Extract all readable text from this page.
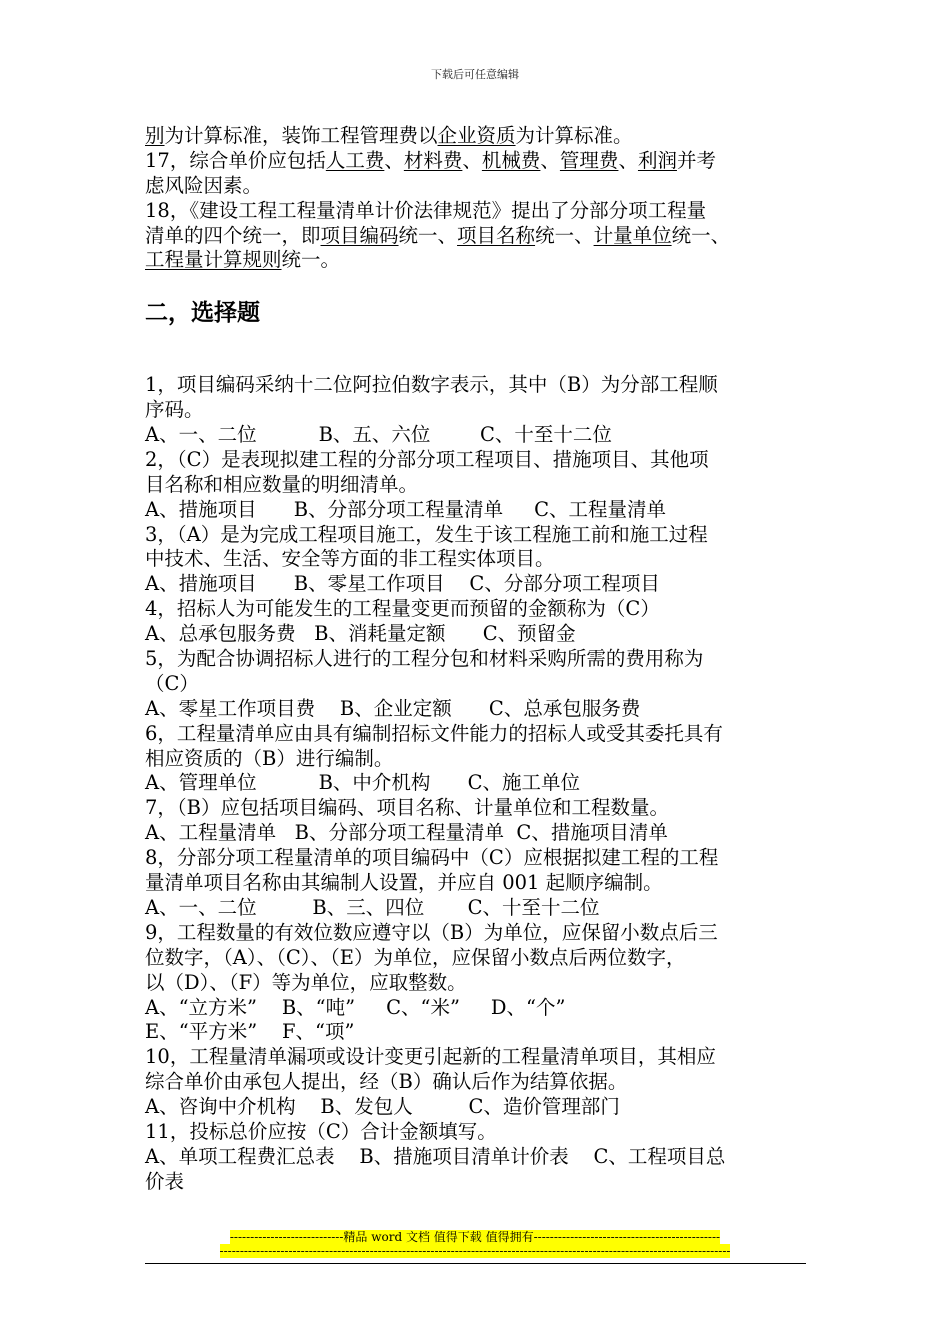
下载后可任意编辑
别为计算标准，装饰工程管理费以企业资质为计算标准。
17，综合单价应包括人工费、材料费、机械费、管理费、利润并考
虑风险因素。
18，《建设工程工程量清单计价法律规范》提出了分部分项工程量
清单的四个统一，即项目编码统一、项目名称统一、计量单位统一、
工程量计算规则统一。
二，选择题
1，项目编码采纳十二位阿拉伯数字表示，其中（B）为分部工程顺
序码。
A、一、二位          B、五、六位        C、十至十二位
2，（C）是表现拟建工程的分部分项工程项目、措施项目、其他项
目名称和相应数量的明细清单。
A、措施项目      B、分部分项工程量清单     C、工程量清单
3，（A）是为完成工程项目施工，发生于该工程施工前和施工过程
中技术、生活、安全等方面的非工程实体项目。
A、措施项目      B、零星工作项目    C、分部分项工程项目
4，招标人为可能发生的工程量变更而预留的金额称为（C）
A、总承包服务费   B、消耗量定额      C、预留金
5，为配合协调招标人进行的工程分包和材料采购所需的费用称为
（C）
A、零星工作项目费    B、企业定额      C、总承包服务费
6，工程量清单应由具有编制招标文件能力的招标人或受其委托具有
相应资质的（B）进行编制。
A、管理单位          B、中介机构      C、施工单位
7，（B）应包括项目编码、项目名称、计量单位和工程数量。
A、工程量清单   B、分部分项工程量清单  C、措施项目清单
8，分部分项工程量清单的项目编码中（C）应根据拟建工程的工程
量清单项目名称由其编制人设置，并应自 001 起顺序编制。
A、一、二位         B、三、四位       C、十至十二位
9，工程数量的有效位数应遵守以（B）为单位，应保留小数点后三
位数字，（A）、（C）、（E）为单位，应保留小数点后两位数字，
以（D）、（F）等为单位，应取整数。
A、“立方米”    B、“吨”     C、“米”     D、“个”
E、“平方米”    F、“项”
10，工程量清单漏项或设计变更引起新的工程量清单项目，其相应
综合单价由承包人提出，经（B）确认后作为结算依据。
A、咨询中介机构    B、发包人         C、造价管理部门
11，投标总价应按（C）合计金额填写。
A、单项工程费汇总表    B、措施项目清单计价表    C、工程项目总
价表
----------------------------精品 word 文档 值得下载 值得拥有----------------------------------------------
------------------------------------------------------------------------------------------------------------------------------
